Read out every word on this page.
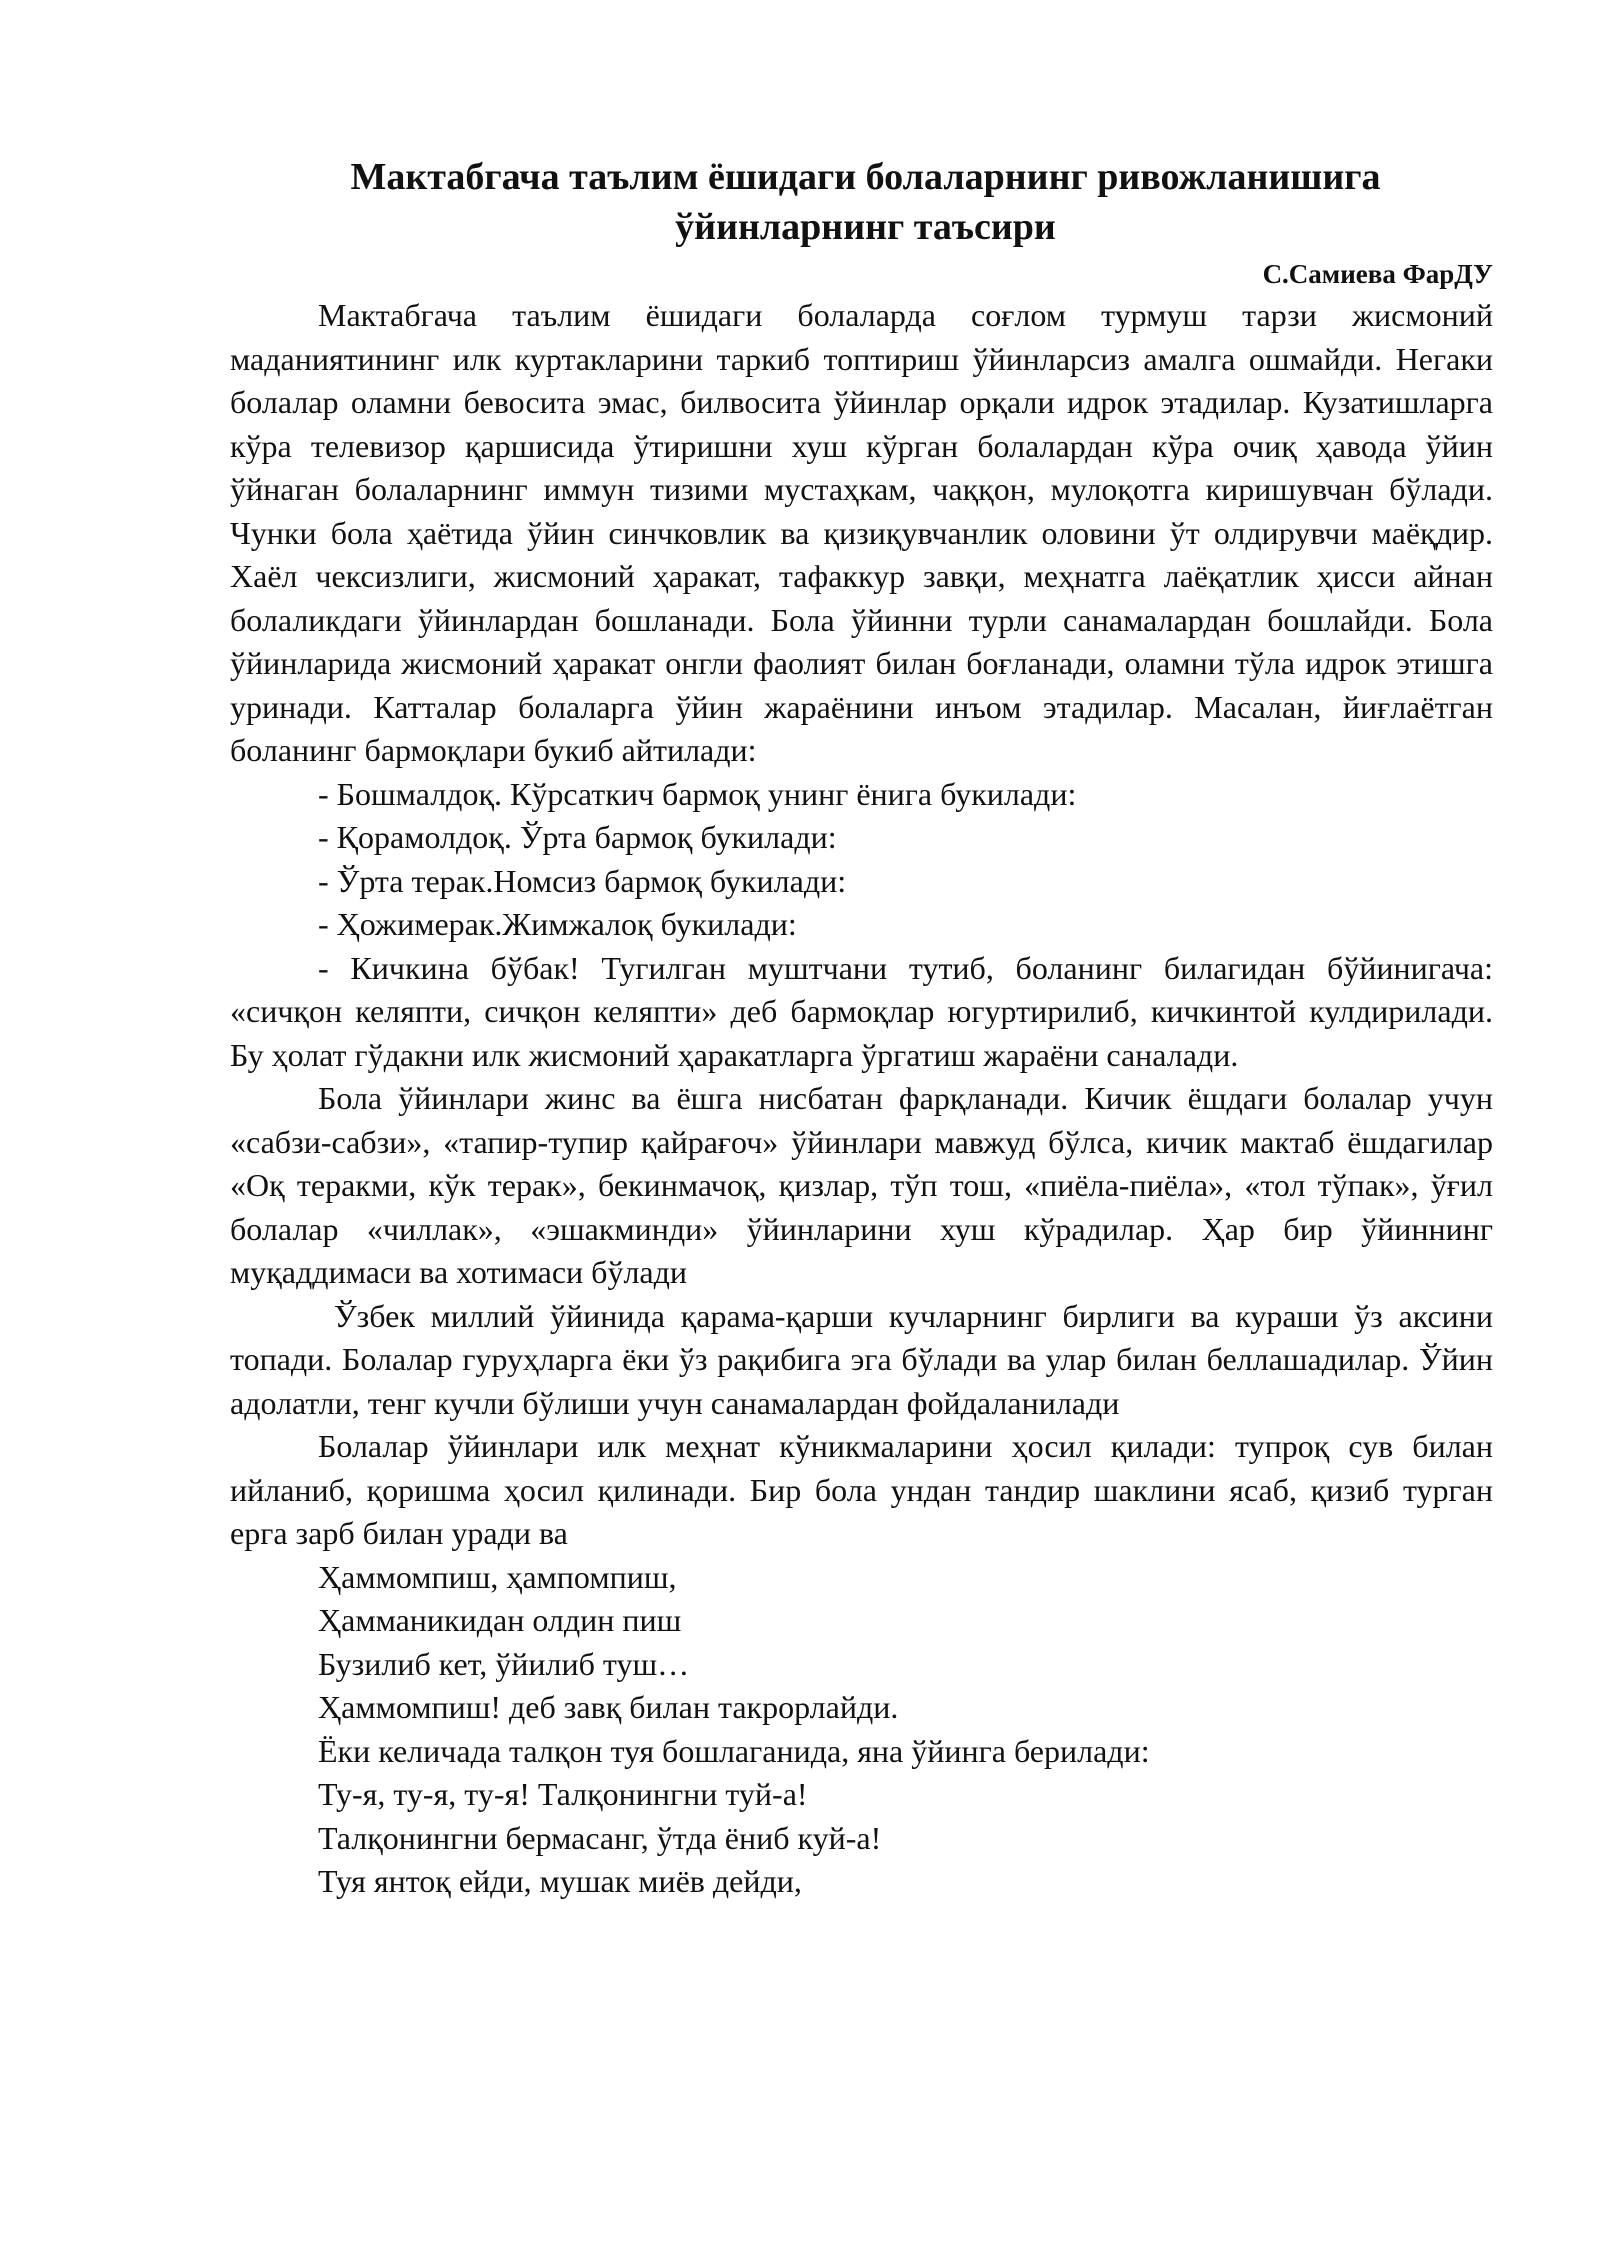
Мактабгача таълим ёшидаги болаларнинг ривожланишига
ўйинларнинг таъсири

С.Самиева ФарДУ

Мактабгача таълим ёшидаги болаларда соғлом турмуш тарзи жисмоний маданиятининг илк куртакларини таркиб топтириш ўйинларсиз амалга ошмайди. Негаки болалар оламни бевосита эмас, билвосита ўйинлар орқали идрок этадилар. Кузатишларга кўра телевизор қаршисида ўтиришни хуш кўрган болалардан кўра очиқ ҳавода ўйин ўйнаган болаларнинг иммун тизими мустаҳкам, чаққон, мулоқотга киришувчан бўлади. Чунки бола ҳаётида ўйин синчковлик ва қизиқувчанлик оловини ўт олдирувчи маёқдир. Хаёл чексизлиги, жисмоний ҳаракат, тафаккур завқи, меҳнатга лаёқатлик ҳисси айнан болаликдаги ўйинлардан бошланади. Бола ўйинни турли санамалардан бошлайди. Бола ўйинларида жисмоний ҳаракат онгли фаолият билан боғланади, оламни тўла идрок этишга уринади. Катталар болаларга ўйин жараёнини инъом этадилар. Масалан, йиғлаётган боланинг бармоқлари букиб айтилади:

- Бошмалдоқ. Кўрсаткич бармоқ унинг ёнига букилади:

- Қорамолдоқ. Ўрта бармоқ букилади:

- Ўрта терак.Номсиз бармоқ букилади:

- Ҳожимерак.Жимжалоқ букилади:

- Кичкина бўбак! Тугилган муштчани тутиб, боланинг билагидан бўйинигача: «сичқон келяпти, сичқон келяпти» деб бармоқлар югуртирилиб, кичкинтой кулдирилади. Бу ҳолат гўдакни илк жисмоний ҳаракатларга ўргатиш жараёни саналади.

Бола ўйинлари жинс ва ёшга нисбатан фарқланади. Кичик ёшдаги болалар учун «сабзи-сабзи», «тапир-тупир қайрағоч» ўйинлари мавжуд бўлса, кичик мактаб ёшдагилар «Оқ теракми, кўк терак», бекинмачоқ, қизлар, тўп тош, «пиёла-пиёла», «тол тўпак», ўғил болалар «чиллак», «эшакминди» ўйинларини хуш кўрадилар. Ҳар бир ўйиннинг муқаддимаси ва хотимаси бўлади

Ўзбек миллий ўйинида қарама-қарши кучларнинг бирлиги ва кураши ўз аксини топади. Болалар гуруҳларга ёки ўз рақибига эга бўлади ва улар билан беллашадилар. Ўйин адолатли, тенг кучли бўлиши учун санамалардан фойдаланилади

Болалар ўйинлари илк меҳнат кўникмаларини ҳосил қилади: тупроқ сув билан ийланиб, қоришма ҳосил қилинади. Бир бола ундан тандир шаклини ясаб, қизиб турган ерга зарб билан уради ва

Ҳаммомпиш, ҳампомпиш,

Ҳамманикидан олдин пиш

Бузилиб кет, ўйилиб туш…

Ҳаммомпиш! деб завқ билан такрорлайди.

Ёки келичада талқон туя бошлаганида, яна ўйинга берилади:

Ту-я, ту-я, ту-я! Талқонингни туй-а!

Талқонингни бермасанг, ўтда ёниб куй-а!

Туя янтоқ ейди, мушак миёв дейди,
